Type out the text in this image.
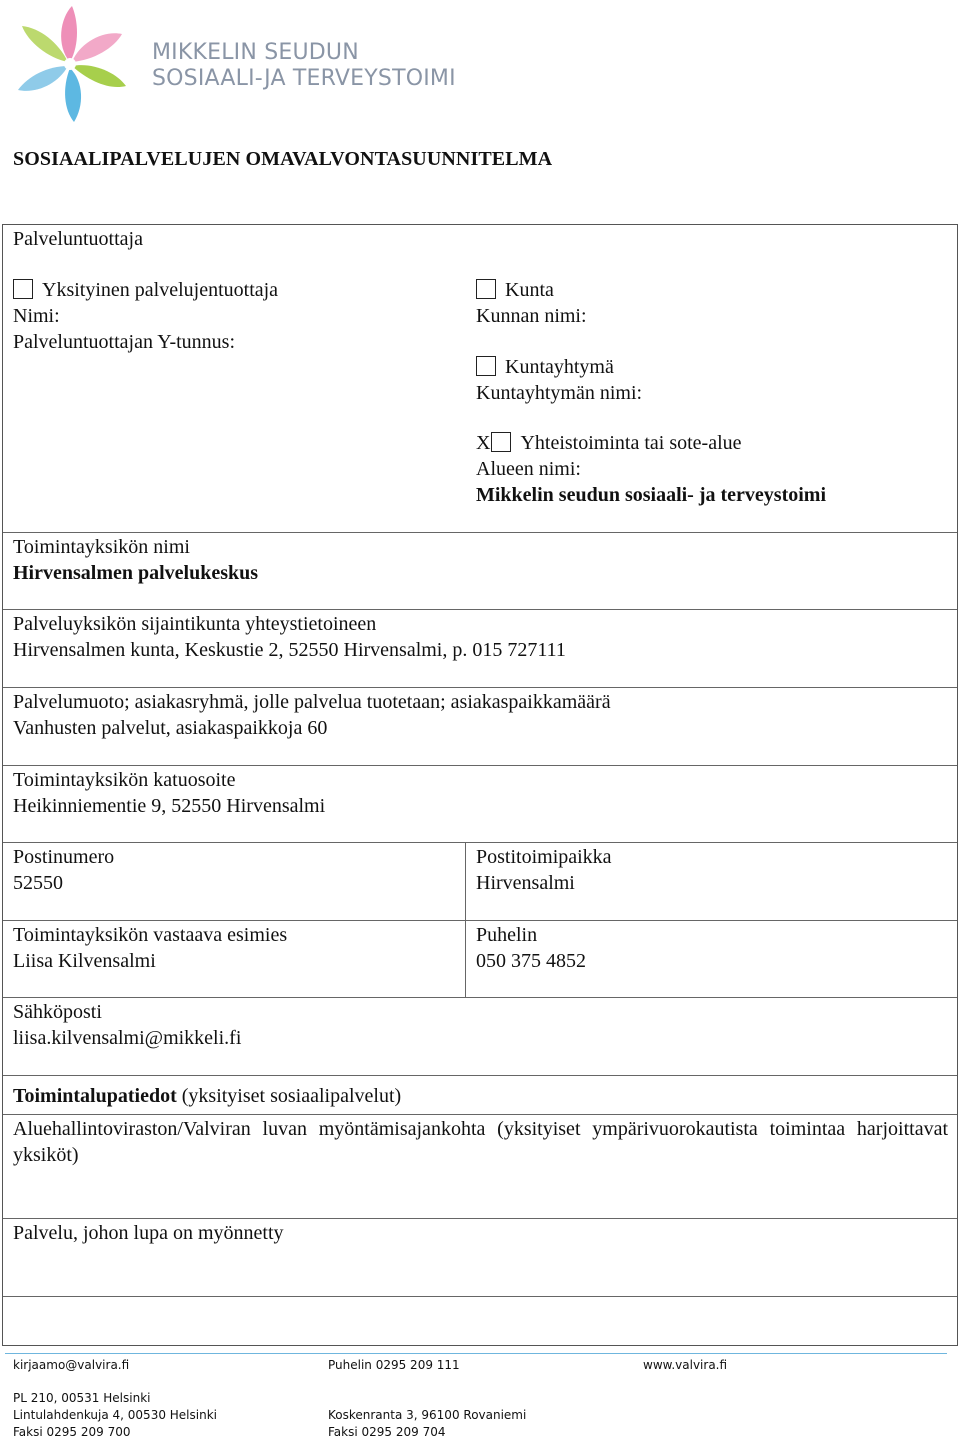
MIKKELIN SEUDUN
SOSIAALI-JA TERVEYSTOIMI
SOSIAALIPALVELUJEN OMAVALVONTASUUNNITELMA
Palveluntuottaja
Yksityinen palvelujentuottaja
Nimi:
Palveluntuottajan Y-tunnus:
Kunta
Kunnan nimi:
Kuntayhtymä
Kuntayhtymän nimi:
X Yhteistoiminta tai sote-alue
Alueen nimi:
Mikkelin seudun sosiaali- ja terveystoimi
Toimintayksikön nimi
Hirvensalmen palvelukeskus
Palveluyksikön sijaintikunta yhteystietoineen
Hirvensalmen kunta, Keskustie 2, 52550 Hirvensalmi, p. 015 727111
Palvelumuoto; asiakasryhmä, jolle palvelua tuotetaan; asiakaspaikkamäärä
Vanhusten palvelut, asiakaspaikkoja 60
Toimintayksikön katuosoite
Heikinniementie 9, 52550 Hirvensalmi
Postinumero
52550
Postitoimipaikka
Hirvensalmi
Toimintayksikön vastaava esimies
Liisa Kilvensalmi
Puhelin
050 375 4852
Sähköposti
liisa.kilvensalmi@mikkeli.fi
Toimintalupatiedot (yksityiset sosiaalipalvelut)
Aluehallintoviraston/Valviran luvan myöntämisajankohta (yksityiset ympärivuorokautista toimintaa harjoittavat yksiköt)
Palvelu, johon lupa on myönnetty
kirjaamo@valvira.fi	Puhelin 0295 209 111	www.valvira.fi
PL 210, 00531 Helsinki
Lintulahdenkuja 4, 00530 Helsinki
Faksi 0295 209 700
Koskenranta 3, 96100 Rovaniemi
Faksi 0295 209 704
